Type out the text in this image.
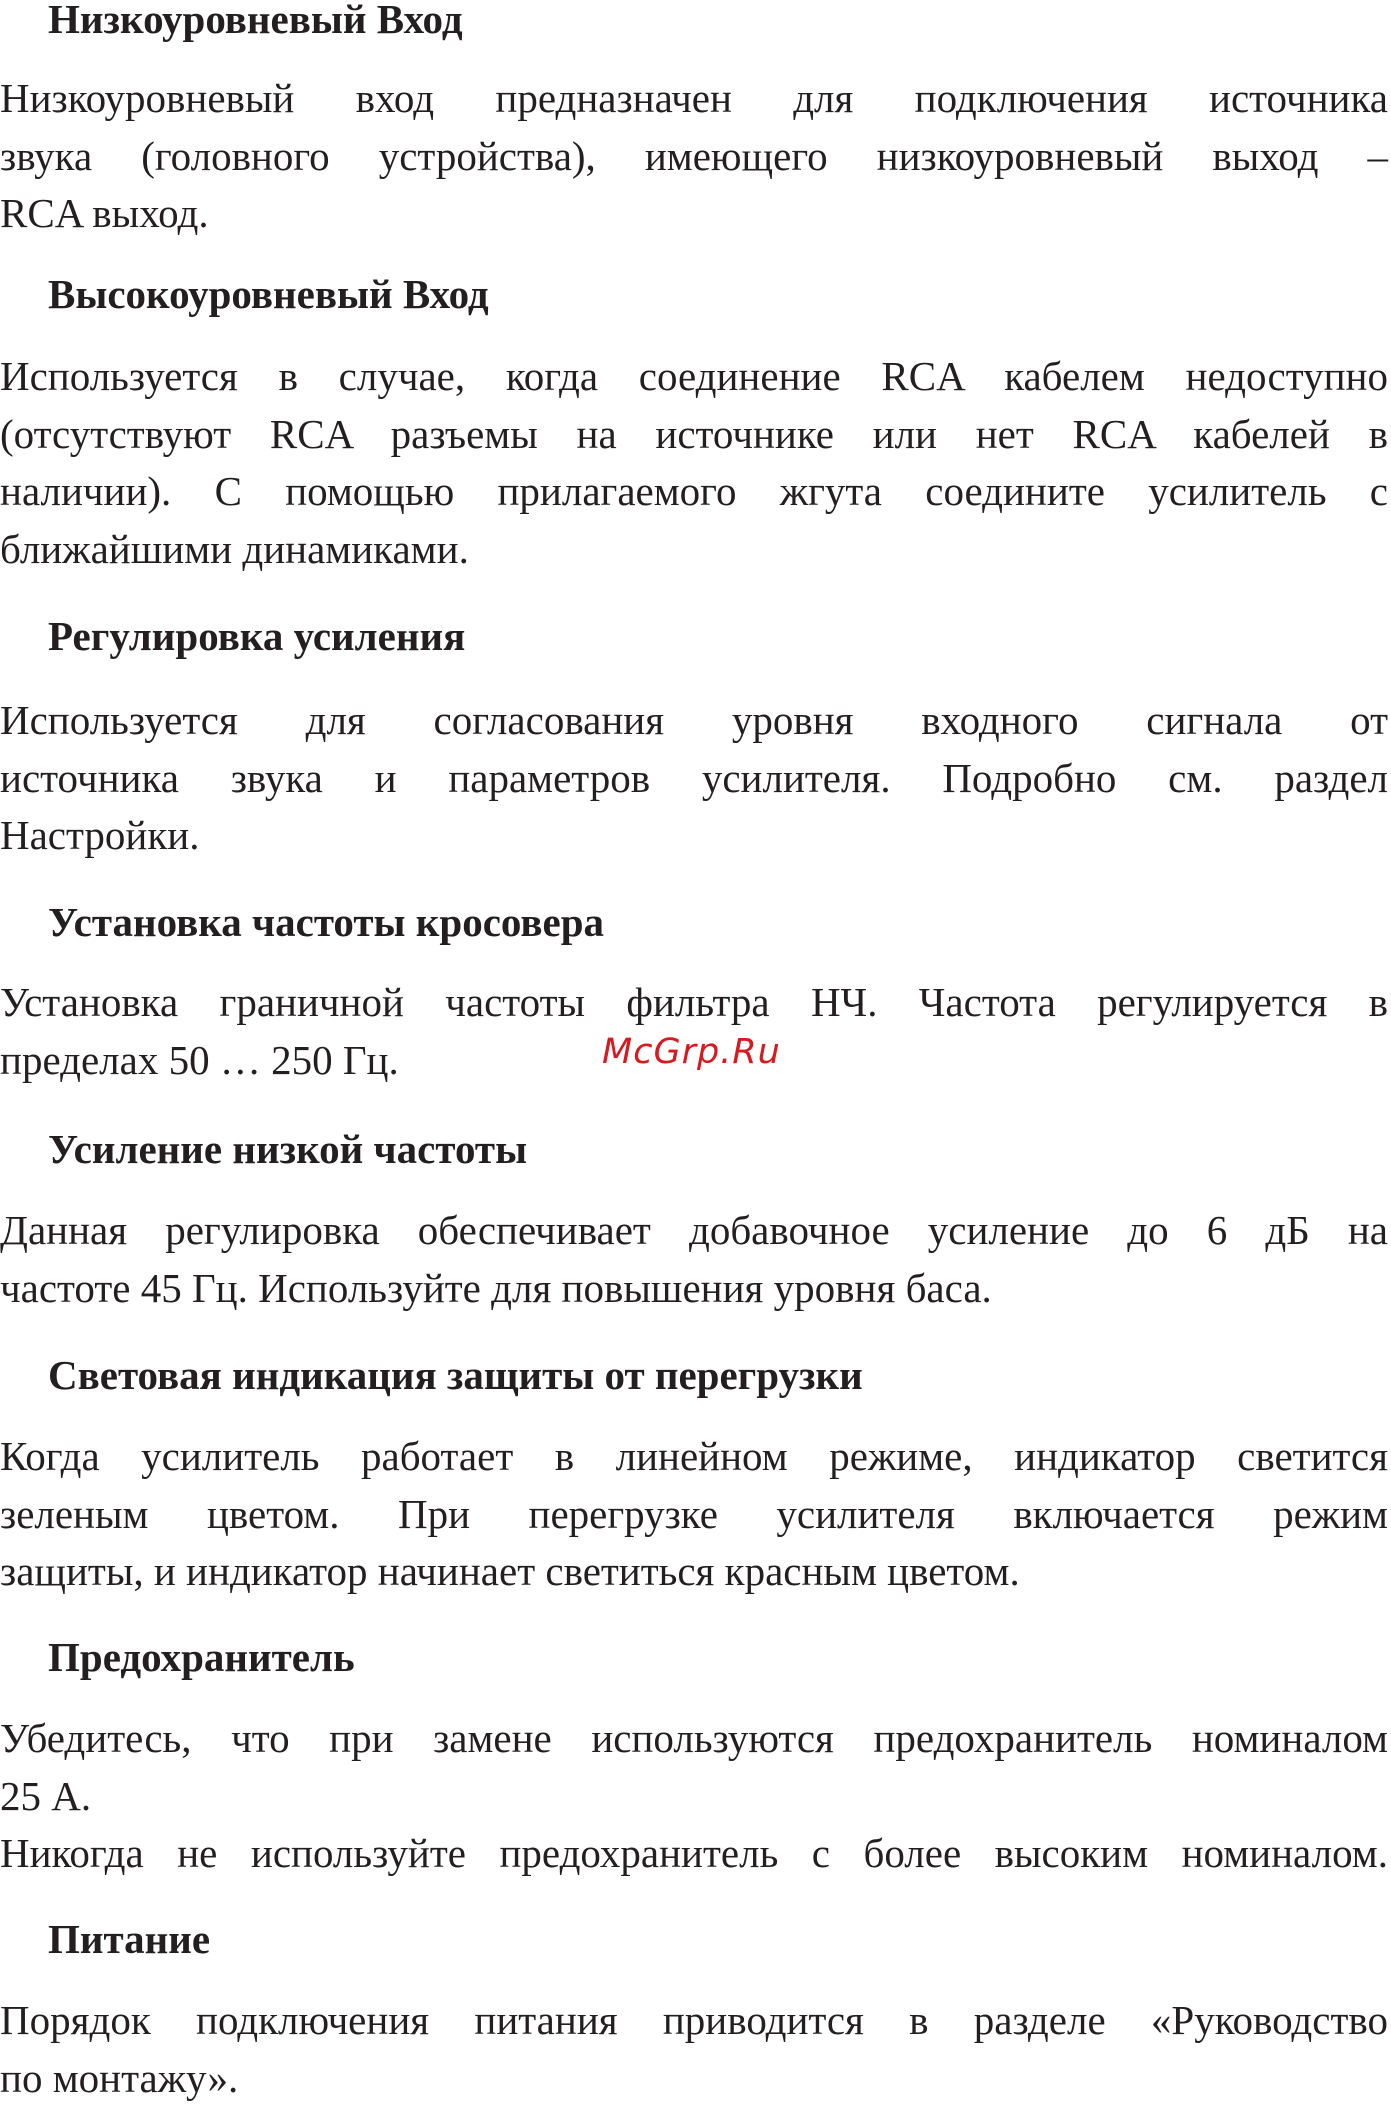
Низкоуровневый Вход
Низкоуровневый вход предназначен для подключения источника
звука (головного устройства), имеющего низкоуровневый выход –
RCA выход.
Высокоуровневый Вход
Используется в случае, когда соединение RCA кабелем недоступно
(отсутствуют RCA разъемы на источнике или нет RCA кабелей в
наличии). С помощью прилагаемого жгута соедините усилитель с
ближайшими динамиками.
Регулировка усиления
Используется для согласования уровня входного сигнала от
источника звука и параметров усилителя. Подробно см. раздел
Настройки.
Установка частоты кросовера
Установка граничной частоты фильтра НЧ. Частота регулируется в
пределах 50 … 250 Гц.	McGrp.Ru
Усиление низкой частоты
Данная регулировка обеспечивает добавочное усиление до 6 дБ на
частоте 45 Гц. Используйте для повышения уровня баса.
Световая индикация защиты от перегрузки
Когда усилитель работает в линейном режиме, индикатор светится
зеленым цветом. При перегрузке усилителя включается режим
защиты, и индикатор начинает светиться красным цветом.
Предохранитель
Убедитесь, что при замене используются предохранитель номиналом
25 А.
Никогда не используйте предохранитель с более высоким номиналом.
Питание
Порядок подключения питания приводится в разделе «Руководство
по монтажу».
